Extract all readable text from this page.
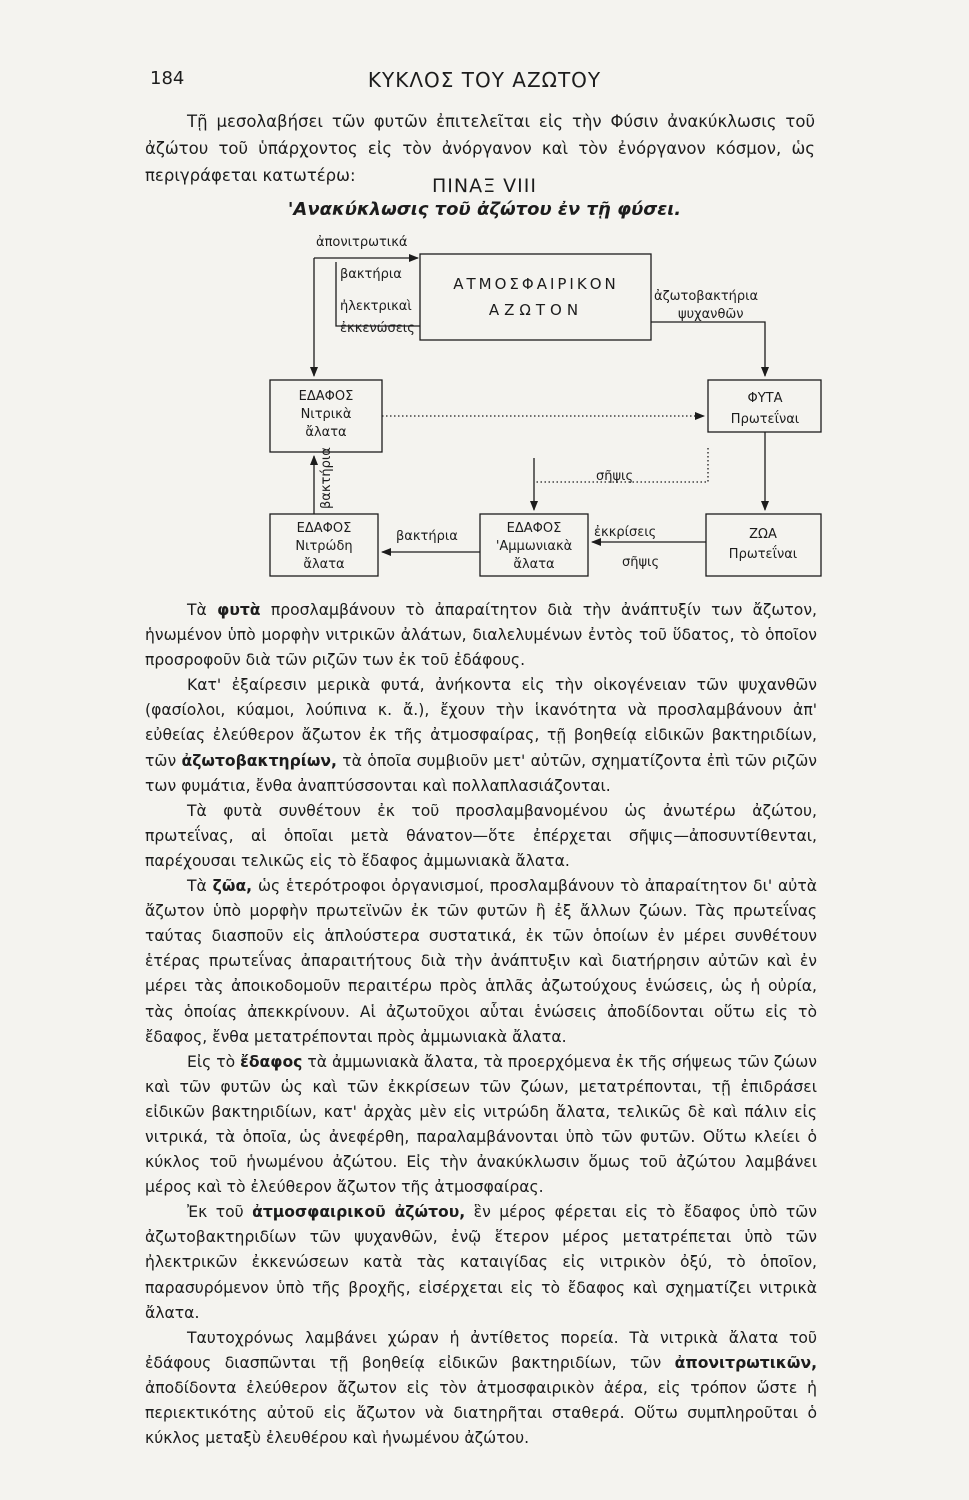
184	ΚΥΚΛΟΣ ΤΟΥ ΑΖΩΤΟΥ

Τῇ μεσολαβήσει τῶν φυτῶν ἐπιτελεῖται εἰς τὴν Φύσιν ἀνακύκλωσις τοῦ ἀζώτου τοῦ ὑπάρχοντος εἰς τὸν ἀνόργανον καὶ τὸν ἐνόργανον κόσμον, ὡς περιγράφεται κατωτέρω:	ΠΙΝΑΞ VIII
'Ανακύκλωσις τοῦ ἀζώτου ἐν τῇ φύσει.
ἀπονιτρωτικά
βακτήρια
ἠλεκτρικαὶ
ἐκκενώσεις
ΑΤΜΟΣΦΑΙΡΙΚΟΝ
ΑΖΩΤΟΝ
ἀζωτοβακτήρια
ψυχανθῶν
ΕΔΑΦΟΣ
Νιτρικὰ
ἄλατα
ΦΥΤΑ
Πρωτεΐναι
βακτήρια	σῆψις
ΕΔΑΦΟΣ
Νιτρώδη
ἄλατα
βακτήρια
ΕΔΑΦΟΣ
'Αμμωνιακὰ
ἄλατα
ἐκκρίσεις
σῆψις
ΖΩΑ
Πρωτεΐναι

Τὰ φυτὰ προσλαμβάνουν τὸ ἀπαραίτητον διὰ τὴν ἀνάπτυξίν των ἄζωτον, ἡνωμένον ὑπὸ μορφὴν νιτρικῶν ἀλάτων, διαλελυμένων ἐντὸς τοῦ ὕδατος, τὸ ὁποῖον προσροφοῦν διὰ τῶν ριζῶν των ἐκ τοῦ ἐδάφους.

Κατ' ἐξαίρεσιν μερικὰ φυτά, ἀνήκοντα εἰς τὴν οἰκογένειαν τῶν ψυχανθῶν (φασίολοι, κύαμοι, λούπινα κ. ἄ.), ἔχουν τὴν ἱκανότητα νὰ προσλαμβάνουν ἀπ' εὐθείας ἐλεύθερον ἄζωτον ἐκ τῆς ἀτμοσφαίρας, τῇ βοηθείᾳ εἰδικῶν βακτηριδίων, τῶν ἀζωτοβακτηρίων, τὰ ὁποῖα συμβιοῦν μετ' αὐτῶν, σχηματίζοντα ἐπὶ τῶν ριζῶν των φυμάτια, ἔνθα ἀναπτύσσονται καὶ πολλαπλασιάζονται.

Τὰ φυτὰ συνθέτουν ἐκ τοῦ προσλαμβανομένου ὡς ἀνωτέρω ἀζώτου, πρωτεΐνας, αἱ ὁποῖαι μετὰ θάνατον—ὅτε ἐπέρχεται σῆψις—ἀποσυντίθενται, παρέχουσαι τελικῶς εἰς τὸ ἔδαφος ἀμμωνιακὰ ἄλατα.

Τὰ ζῶα, ὡς ἑτερότροφοι ὀργανισμοί, προσλαμβάνουν τὸ ἀπαραίτητον δι' αὐτὰ ἄζωτον ὑπὸ μορφὴν πρωτεϊνῶν ἐκ τῶν φυτῶν ἢ ἐξ ἄλλων ζώων. Τὰς πρωτεΐνας ταύτας διασποῦν εἰς ἁπλούστερα συστατικά, ἐκ τῶν ὁποίων ἐν μέρει συνθέτουν ἑτέρας πρωτεΐνας ἀπαραιτήτους διὰ τὴν ἀνάπτυξιν καὶ διατήρησιν αὐτῶν καὶ ἐν μέρει τὰς ἀποικοδομοῦν περαιτέρω πρὸς ἁπλᾶς ἀζωτούχους ἑνώσεις, ὡς ἡ οὐρία, τὰς ὁποίας ἀπεκκρίνουν. Αἱ ἀζωτοῦχοι αὗται ἑνώσεις ἀποδίδονται οὕτω εἰς τὸ ἔδαφος, ἔνθα μετατρέπονται πρὸς ἀμμωνιακὰ ἄλατα.

Εἰς τὸ ἔδαφος τὰ ἀμμωνιακὰ ἄλατα, τὰ προερχόμενα ἐκ τῆς σήψεως τῶν ζώων καὶ τῶν φυτῶν ὡς καὶ τῶν ἐκκρίσεων τῶν ζώων, μετατρέπονται, τῇ ἐπιδράσει εἰδικῶν βακτηριδίων, κατ' ἀρχὰς μὲν εἰς νιτρώδη ἄλατα, τελικῶς δὲ καὶ πάλιν εἰς νιτρικά, τὰ ὁποῖα, ὡς ἀνεφέρθη, παραλαμβάνονται ὑπὸ τῶν φυτῶν. Οὕτω κλείει ὁ κύκλος τοῦ ἡνωμένου ἀζώτου. Εἰς τὴν ἀνακύκλωσιν ὅμως τοῦ ἀζώτου λαμβάνει μέρος καὶ τὸ ἐλεύθερον ἄζωτον τῆς ἀτμοσφαίρας.

Ἐκ τοῦ ἀτμοσφαιρικοῦ ἀζώτου, ἓν μέρος φέρεται εἰς τὸ ἔδαφος ὑπὸ τῶν ἀζωτοβακτηριδίων τῶν ψυχανθῶν, ἐνῷ ἕτερον μέρος μετατρέπεται ὑπὸ τῶν ἠλεκτρικῶν ἐκκενώσεων κατὰ τὰς καταιγίδας εἰς νιτρικὸν ὀξύ, τὸ ὁποῖον, παρασυρόμενον ὑπὸ τῆς βροχῆς, εἰσέρχεται εἰς τὸ ἔδαφος καὶ σχηματίζει νιτρικὰ ἄλατα.

Ταυτοχρόνως λαμβάνει χώραν ἡ ἀντίθετος πορεία. Τὰ νιτρικὰ ἄλατα τοῦ ἐδάφους διασπῶνται τῇ βοηθείᾳ εἰδικῶν βακτηριδίων, τῶν ἀπονιτρωτικῶν, ἀποδίδοντα ἐλεύθερον ἄζωτον εἰς τὸν ἀτμοσφαιρικὸν ἀέρα, εἰς τρόπον ὥστε ἡ περιεκτικότης αὐτοῦ εἰς ἄζωτον νὰ διατηρῆται σταθερά. Οὕτω συμπληροῦται ὁ κύκλος μεταξὺ ἐλευθέρου καὶ ἡνωμένου ἀζώτου.
